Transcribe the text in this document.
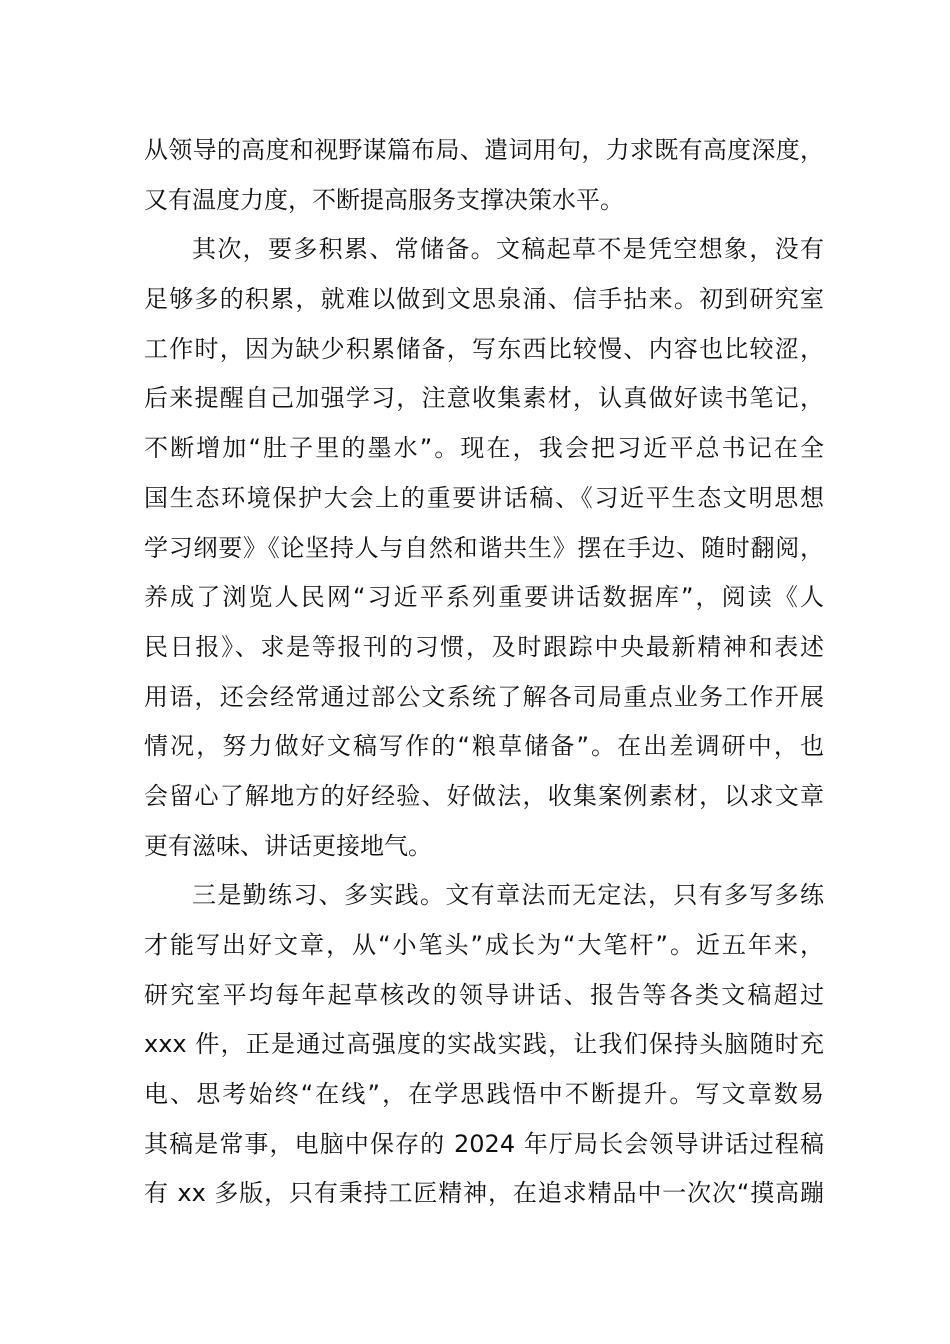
从领导的高度和视野谋篇布局、遣词用句，力求既有高度深度，
又有温度力度，不断提高服务支撑决策水平。
其次，要多积累、常储备。文稿起草不是凭空想象，没有
足够多的积累，就难以做到文思泉涌、信手拈来。初到研究室
工作时，因为缺少积累储备，写东西比较慢、内容也比较涩，
后来提醒自己加强学习，注意收集素材，认真做好读书笔记，
不断增加“肚子里的墨水”。现在，我会把习近平总书记在全
国生态环境保护大会上的重要讲话稿、《习近平生态文明思想
学习纲要》《论坚持人与自然和谐共生》摆在手边、随时翻阅，
养成了浏览人民网“习近平系列重要讲话数据库”，阅读《人
民日报》、求是等报刊的习惯，及时跟踪中央最新精神和表述
用语，还会经常通过部公文系统了解各司局重点业务工作开展
情况，努力做好文稿写作的“粮草储备”。在出差调研中，也
会留心了解地方的好经验、好做法，收集案例素材，以求文章
更有滋味、讲话更接地气。
三是勤练习、多实践。文有章法而无定法，只有多写多练
才能写出好文章，从“小笔头”成长为“大笔杆”。近五年来，
研究室平均每年起草核改的领导讲话、报告等各类文稿超过
xxx 件，正是通过高强度的实战实践，让我们保持头脑随时充
电、思考始终“在线”，在学思践悟中不断提升。写文章数易
其稿是常事，电脑中保存的 2024 年厅局长会领导讲话过程稿
有 xx 多版，只有秉持工匠精神，在追求精品中一次次“摸高蹦
